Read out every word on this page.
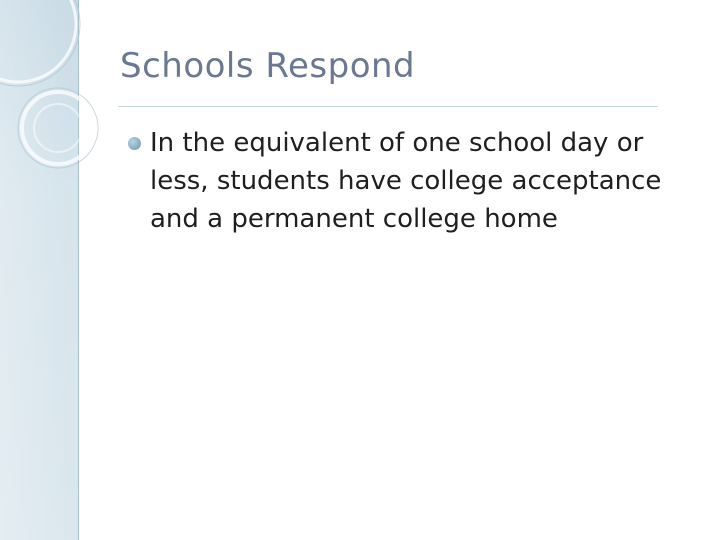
Schools Respond
In the equivalent of one school day or less, students have college acceptance and a permanent college home
